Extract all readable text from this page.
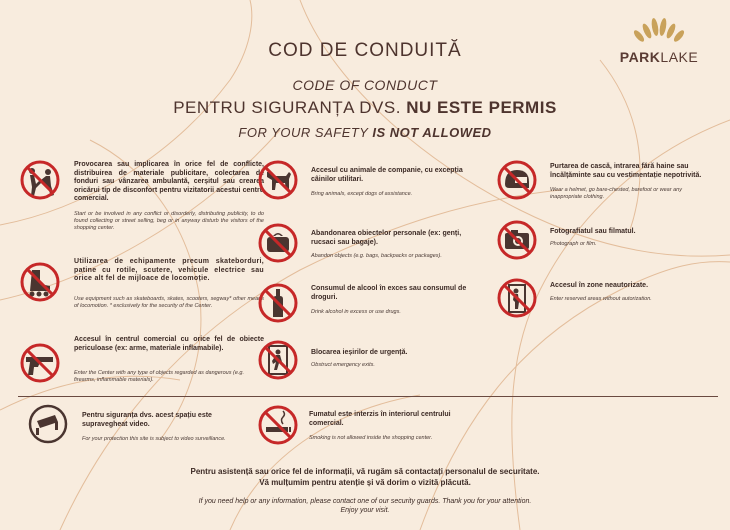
COD DE CONDUITĂ
CODE OF CONDUCT
PENTRU SIGURANȚA DVS. NU ESTE PERMIS
FOR YOUR SAFETY IS NOT ALLOWED
PARKLAKE
Provocarea sau implicarea în orice fel de conflicte, distribuirea de materiale publicitare, colectarea de fonduri sau vânzarea ambulantă, cerșitul sau crearea oricărui tip de disconfort pentru vizitatorii acestui centru comercial.
Start or be involved in any conflict or disorderly, distributing publicity, to do found collecting or street selling, beg or in anyway disturb the visitors of the shopping center.
Utilizarea de echipamente precum skateborduri, patine cu rotile, scutere, vehicule electrice sau orice alt fel de mijloace de locomoție.
Use equipment such as skateboards, skates, scooters, segway* other means of locomotion. * exclusively for the security of the Center.
Accesul în centrul comercial cu orice fel de obiecte periculoase (ex: arme, materiale inflamabile).
Enter the Center with any type of objects regarded as dangerous (e.g. firearms, inflammable materials).
Accesul cu animale de companie, cu excepția câinilor utilitari.
Bring animals, except dogs of assistance.
Abandonarea obiectelor personale (ex: genți, rucsaci sau bagaje).
Abandon objects (e.g. bags, backpacks or packages).
Consumul de alcool în exces sau consumul de droguri.
Drink alcohol in excess or use drugs.
Blocarea ieșirilor de urgență.
Obstruct emergency exits.
Purtarea de cască, intrarea fără haine sau încălțăminte sau cu vestimentație nepotrivită.
Wear a helmet, go bare-chested, barefoot or wear any inappropriate clothing.
Fotografiatul sau filmatul.
Photograph or film.
Accesul în zone neautorizate.
Enter reserved areas without autorization.
Pentru siguranța dvs. acest spațiu este supravegheat video.
For your protection this site is subject to video surveillance.
Fumatul este interzis în interiorul centrului comercial.
Smoking is not allowed inside the shopping center.
Pentru asistență sau orice fel de informații, vă rugăm să contactați personalul de securitate.
Vă mulțumim pentru atenție și vă dorim o vizită plăcută.
If you need help or any information, please contact one of our security guards. Thank you for your attention.
Enjoy your visit.
